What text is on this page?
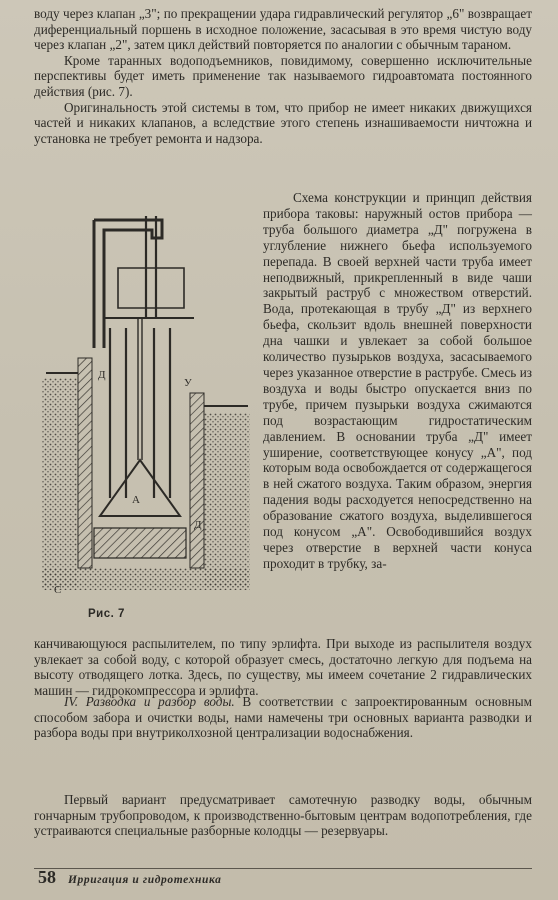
воду через клапан „3"; по прекращении удара гидравлический регулятор „6" возвращает диференциальный поршень в исходное положение, засасывая в это время чистую воду через клапан „2", затем цикл действий повторяется по аналогии с обычным тараном.

Кроме таранных водоподъемников, повидимому, совершенно исключительные перспективы будет иметь применение так называемого гидроавтомата постоянного действия (рис. 7).

Оригинальность этой системы в том, что прибор не имеет никаких движущихся частей и никаких клапанов, а вследствие этого степень изнашиваемости ничтожна и установка не требует ремонта и надзора.

Д
У
A
С
Д
Рис. 7

Схема конструкции и принцип действия прибора таковы: наружный остов прибора — труба большого диаметра „Д" погружена в углубление нижнего бьефа используемого перепада. В своей верхней части труба имеет неподвижный, прикрепленный в виде чаши закрытый раструб с множеством отверстий. Вода, протекающая в трубу „Д" из верхнего бьефа, скользит вдоль внешней поверхности дна чашки и увлекает за собой большое количество пузырьков воздуха, засасываемого через указанное отверстие в раструбе. Смесь из воздуха и воды быстро опускается вниз по трубе, причем пузырьки воздуха сжимаются под возрастающим гидростатическим давлением. В основании труба „Д" имеет уширение, соответствующее конусу „А", под которым вода освобождается от содержащегося в ней сжатого воздуха. Таким образом, энергия падения воды расходуется непосредственно на образование сжатого воздуха, выделившегося под конусом „А". Освободившийся воздух через отверстие в верхней части конуса проходит в трубку, за-

канчивающуюся распылителем, по типу эрлифта. При выходе из распылителя воздух увлекает за собой воду, с которой образует смесь, достаточно легкую для подъема на высоту отводящего лотка. Здесь, по существу, мы имеем сочетание 2 гидравлических машин — гидрокомпрессора и эрлифта.

IV. Разводка и разбор воды. В соответствии с запроектированным основным способом забора и очистки воды, нами намечены три основных варианта разводки и разбора воды при внутриколхозной централизации водоснабжения.

Первый вариант предусматривает самотечную разводку воды, обычным гончарным трубопроводом, к производственно-бытовым центрам водопотребления, где устраиваются специальные разборные колодцы — резервуары.

58 Ирригация и гидротехника
